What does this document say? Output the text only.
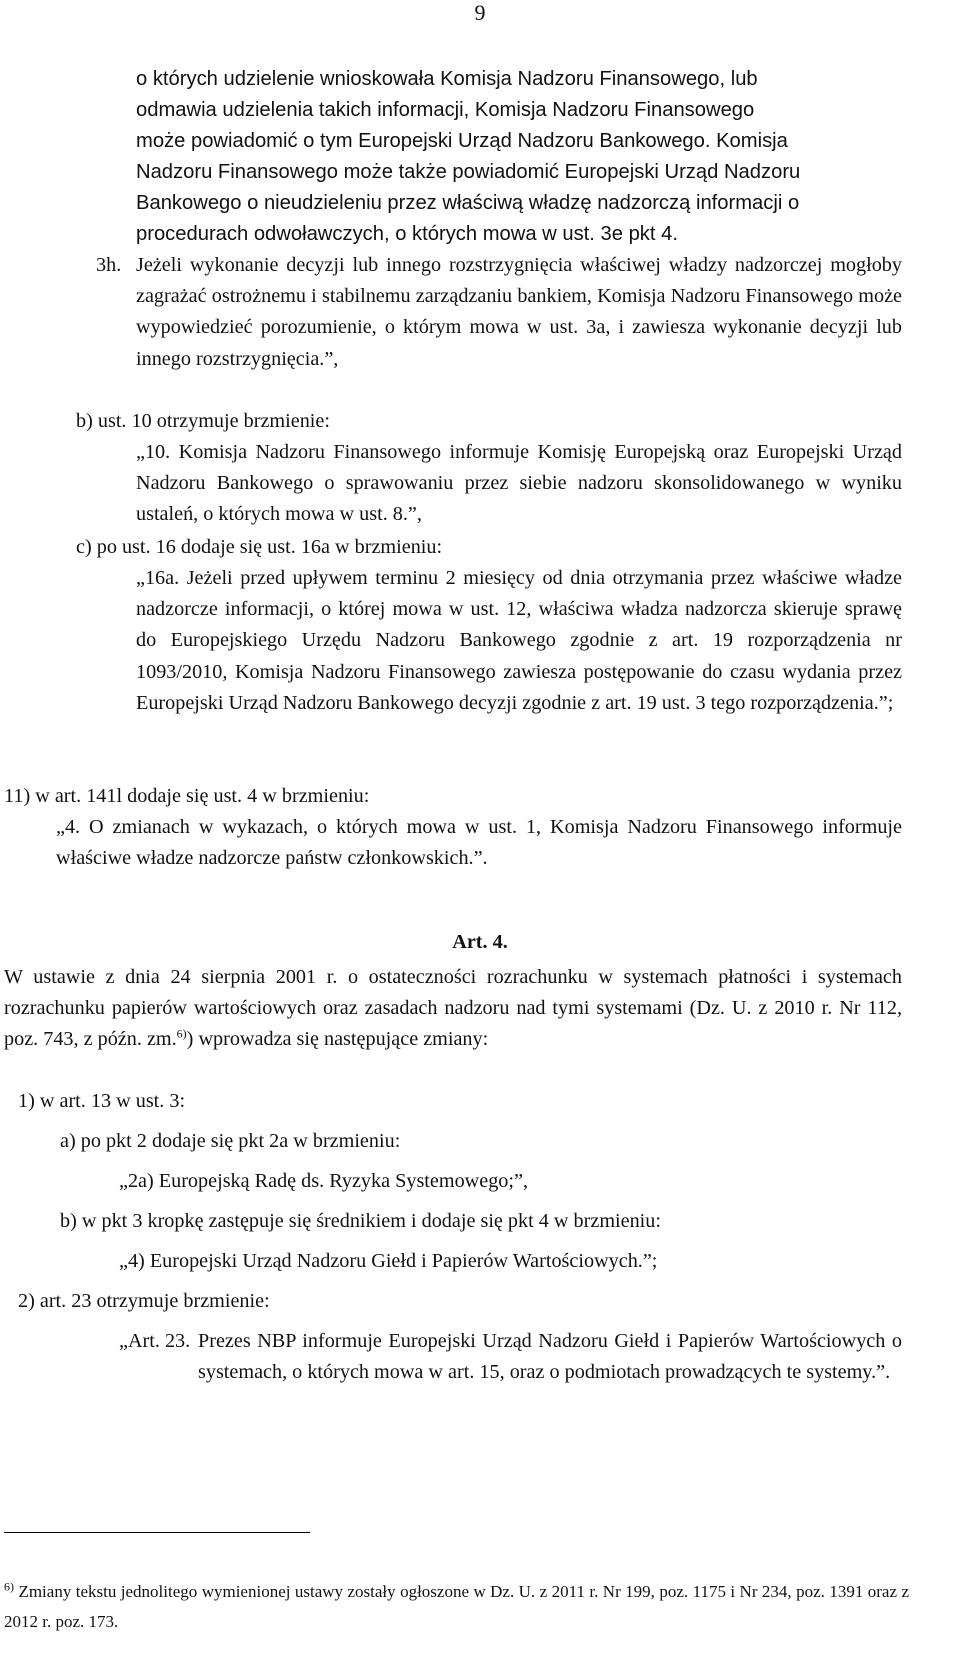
9
o których udzielenie wnioskowała Komisja Nadzoru Finansowego, lub
odmawia udzielenia takich informacji, Komisja Nadzoru Finansowego
może powiadomić o tym Europejski Urząd Nadzoru Bankowego. Komisja
Nadzoru Finansowego może także powiadomić Europejski Urząd Nadzoru
Bankowego o nieudzieleniu przez właściwą władzę nadzorczą informacji o
procedurach odwoławczych, o których mowa w ust. 3e pkt 4.
3h. Jeżeli wykonanie decyzji lub innego rozstrzygnięcia właściwej władzy nadzorczej mogłoby zagrażać ostrożnemu i stabilnemu zarządzaniu bankiem, Komisja Nadzoru Finansowego może wypowiedzieć porozumienie, o którym mowa w ust. 3a, i zawiesza wykonanie decyzji lub innego rozstrzygnięcia.”,
b) ust. 10 otrzymuje brzmienie:
„10. Komisja Nadzoru Finansowego informuje Komisję Europejską oraz Europejski Urząd Nadzoru Bankowego o sprawowaniu przez siebie nadzoru skonsolidowanego w wyniku ustaleń, o których mowa w ust. 8.”,
c) po ust. 16 dodaje się ust. 16a w brzmieniu:
„16a. Jeżeli przed upływem terminu 2 miesięcy od dnia otrzymania przez właściwe władze nadzorcze informacji, o której mowa w ust. 12, właściwa władza nadzorcza skieruje sprawę do Europejskiego Urzędu Nadzoru Bankowego zgodnie z art. 19 rozporządzenia nr 1093/2010, Komisja Nadzoru Finansowego zawiesza postępowanie do czasu wydania przez Europejski Urząd Nadzoru Bankowego decyzji zgodnie z art. 19 ust. 3 tego rozporządzenia.”;
11) w art. 141l dodaje się ust. 4 w brzmieniu:
„4. O zmianach w wykazach, o których mowa w ust. 1, Komisja Nadzoru Finansowego informuje właściwe władze nadzorcze państw członkowskich.”.
Art. 4.
W ustawie z dnia 24 sierpnia 2001 r. o ostateczności rozrachunku w systemach płatności i systemach rozrachunku papierów wartościowych oraz zasadach nadzoru nad tymi systemami (Dz. U. z 2010 r. Nr 112, poz. 743, z późn. zm.$^{6)}$) wprowadza się następujące zmiany:
1) w art. 13 w ust. 3:
a) po pkt 2 dodaje się pkt 2a w brzmieniu:
„2a) Europejską Radę ds. Ryzyka Systemowego;”,
b) w pkt 3 kropkę zastępuje się średnikiem i dodaje się pkt 4 w brzmieniu:
„4) Europejski Urząd Nadzoru Giełd i Papierów Wartościowych.”;
2) art. 23 otrzymuje brzmienie:
„Art. 23. Prezes NBP informuje Europejski Urząd Nadzoru Giełd i Papierów Wartościowych o systemach, o których mowa w art. 15, oraz o podmiotach prowadzących te systemy.”.
$^{6)}$ Zmiany tekstu jednolitego wymienionej ustawy zostały ogłoszone w Dz. U. z 2011 r. Nr 199, poz. 1175 i Nr 234, poz. 1391 oraz z 2012 r. poz. 173.
